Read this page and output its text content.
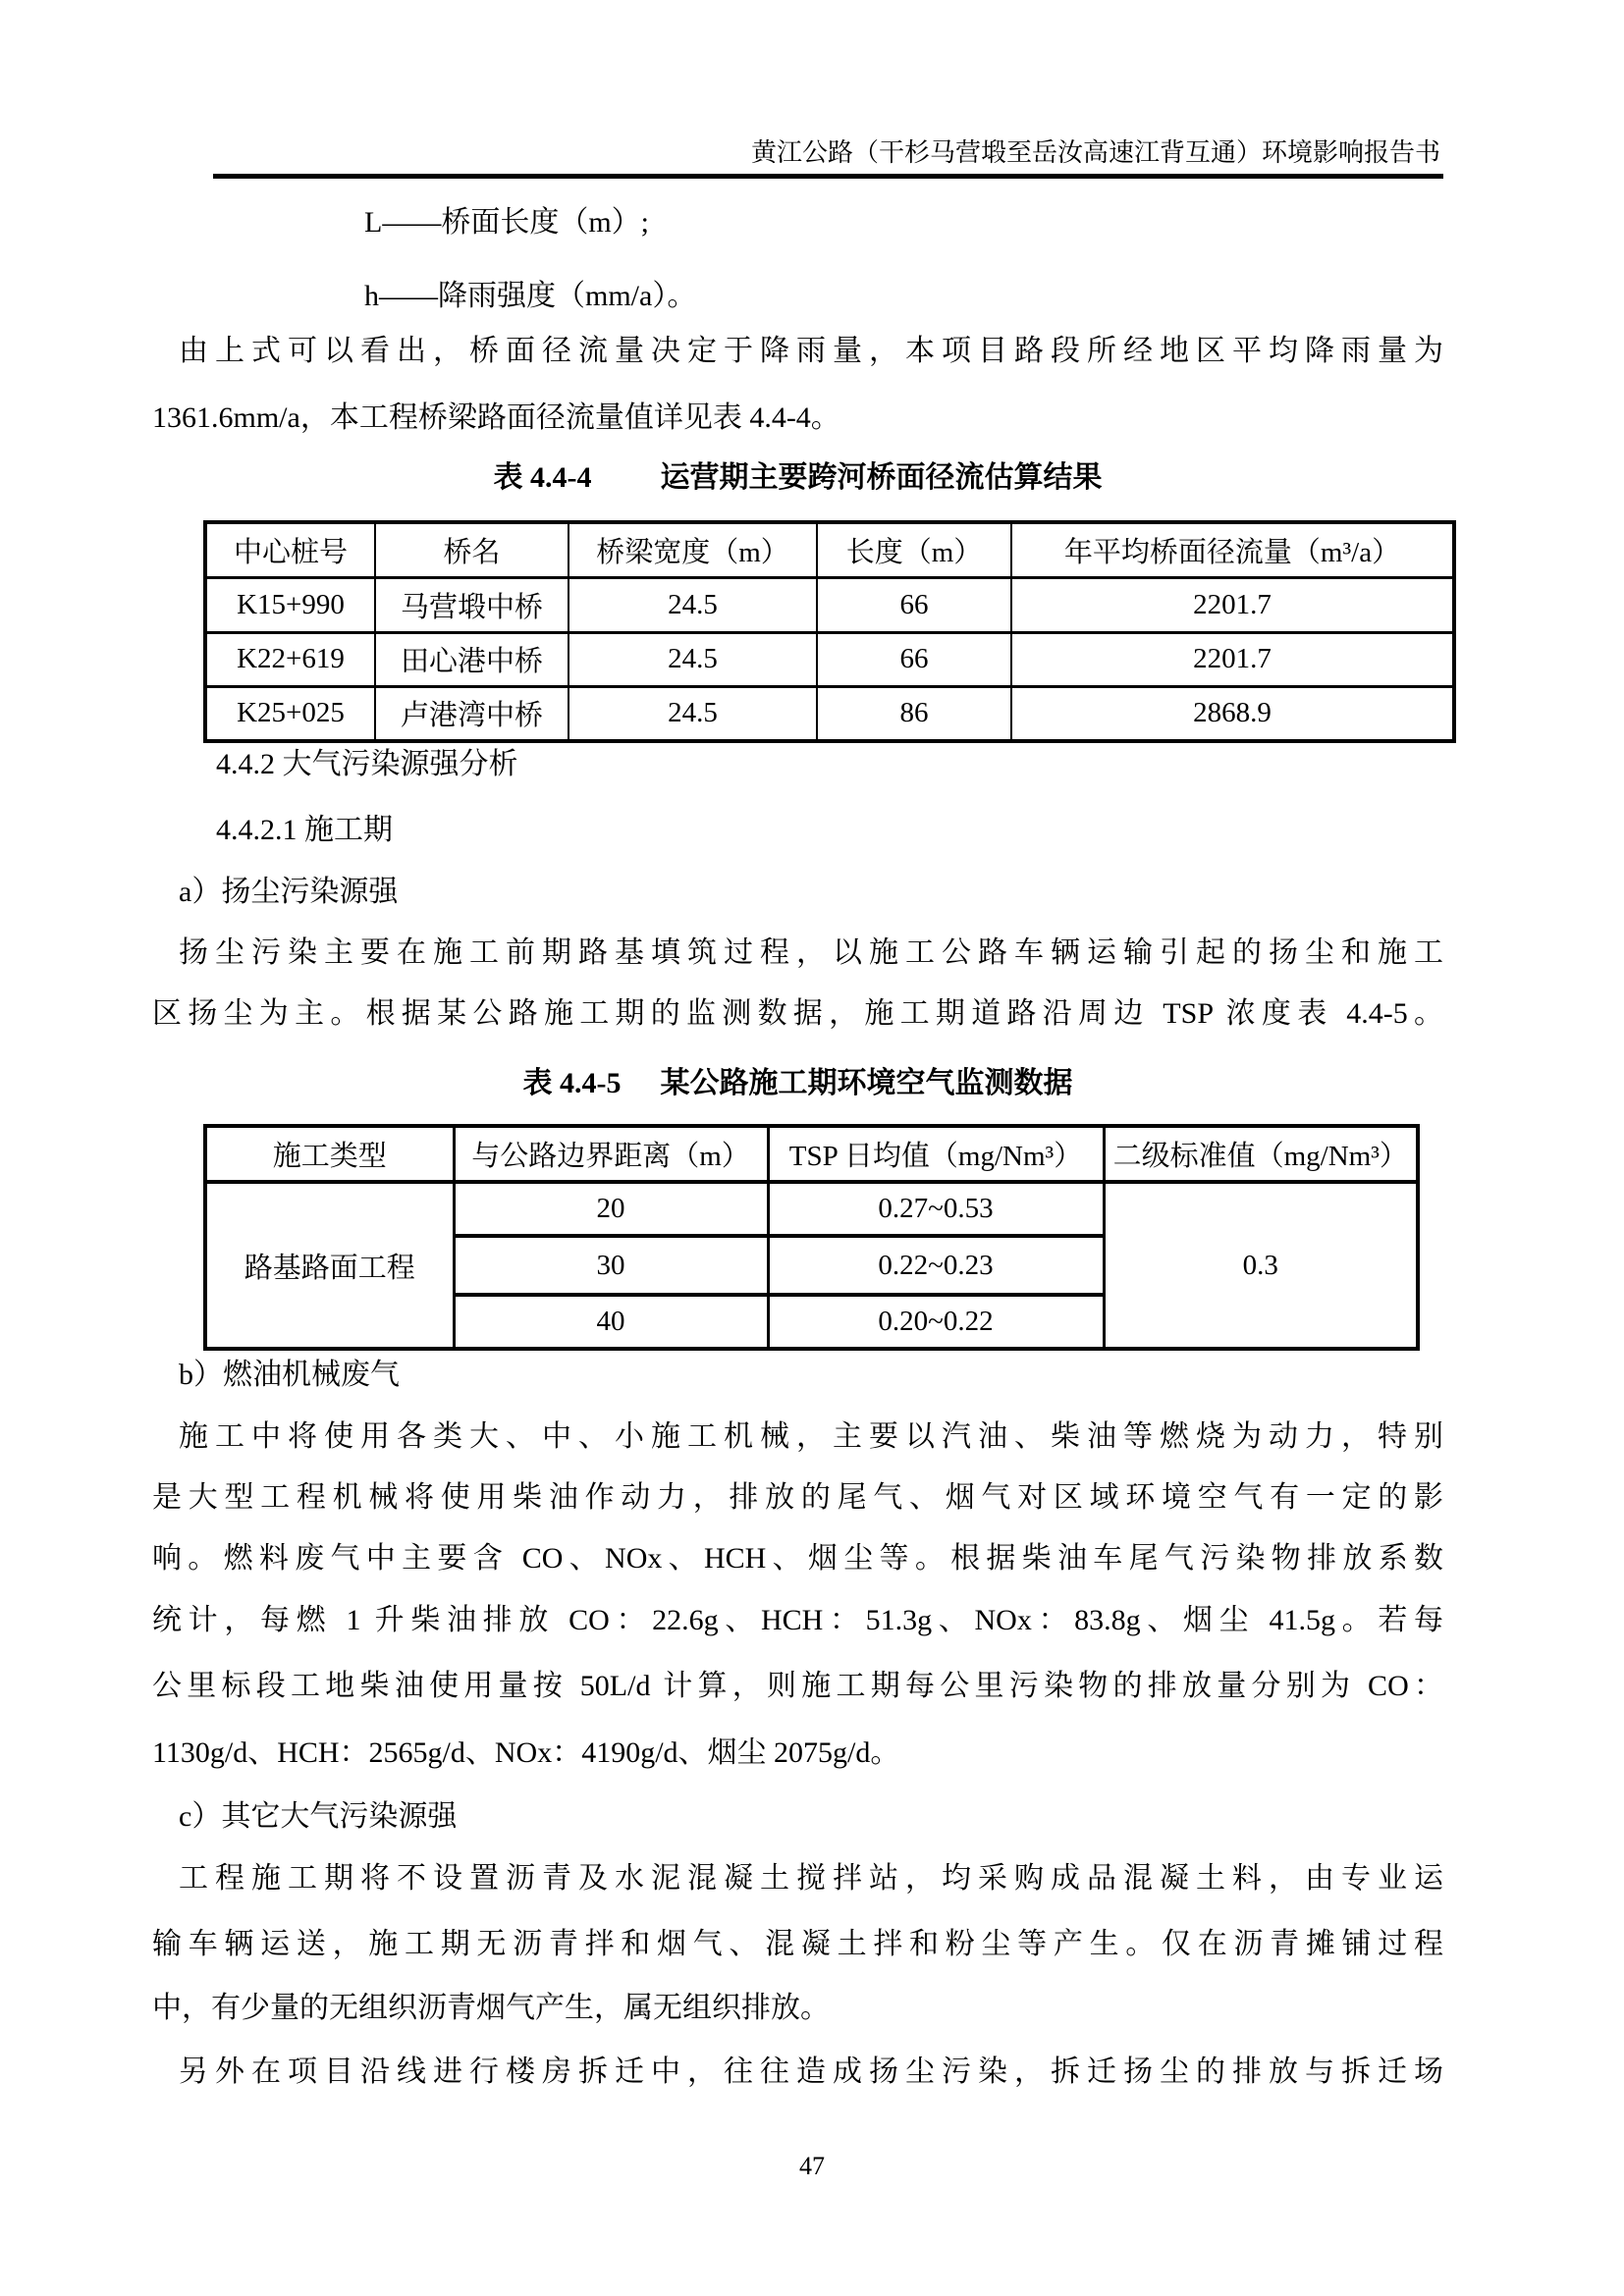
黄江公路（干杉马营塅至岳汝高速江背互通）环境影响报告书
L——桥面长度（m）;
h——降雨强度（mm/a）。
由上式可以看出，桥面径流量决定于降雨量，本项目路段所经地区平均降雨量为
1361.6mm/a，本工程桥梁路面径流量值详见表 4.4-4。
表 4.4-4 运营期主要跨河桥面径流估算结果
中心桩号	桥名	桥梁宽度（m）	长度（m）	年平均桥面径流量（m³/a）
K15+990	马营塅中桥	24.5	66	2201.7
K22+619	田心港中桥	24.5	66	2201.7
K25+025	卢港湾中桥	24.5	86	2868.9
4.4.2 大气污染源强分析
4.4.2.1 施工期
a）扬尘污染源强
扬尘污染主要在施工前期路基填筑过程，以施工公路车辆运输引起的扬尘和施工
区扬尘为主。根据某公路施工期的监测数据，施工期道路沿周边 TSP 浓度表 4.4-5。
表 4.4-5 某公路施工期环境空气监测数据
施工类型	与公路边界距离（m）	TSP 日均值（mg/Nm³）	二级标准值（mg/Nm³）
路基路面工程	20	0.27~0.53	0.3
	30	0.22~0.23	
	40	0.20~0.22	
b）燃油机械废气
施工中将使用各类大、中、小施工机械，主要以汽油、柴油等燃烧为动力，特别
是大型工程机械将使用柴油作动力，排放的尾气、烟气对区域环境空气有一定的影
响。燃料废气中主要含 CO、NOx、HCH、烟尘等。根据柴油车尾气污染物排放系数
统计，每燃 1 升柴油排放 CO：22.6g、HCH：51.3g、NOx：83.8g、烟尘 41.5g。若每
公里标段工地柴油使用量按 50L/d 计算，则施工期每公里污染物的排放量分别为 CO：
1130g/d、HCH：2565g/d、NOx：4190g/d、烟尘 2075g/d。
c）其它大气污染源强
工程施工期将不设置沥青及水泥混凝土搅拌站，均采购成品混凝土料，由专业运
输车辆运送，施工期无沥青拌和烟气、混凝土拌和粉尘等产生。仅在沥青摊铺过程
中，有少量的无组织沥青烟气产生，属无组织排放。
另外在项目沿线进行楼房拆迁中，往往造成扬尘污染，拆迁扬尘的排放与拆迁场
47
